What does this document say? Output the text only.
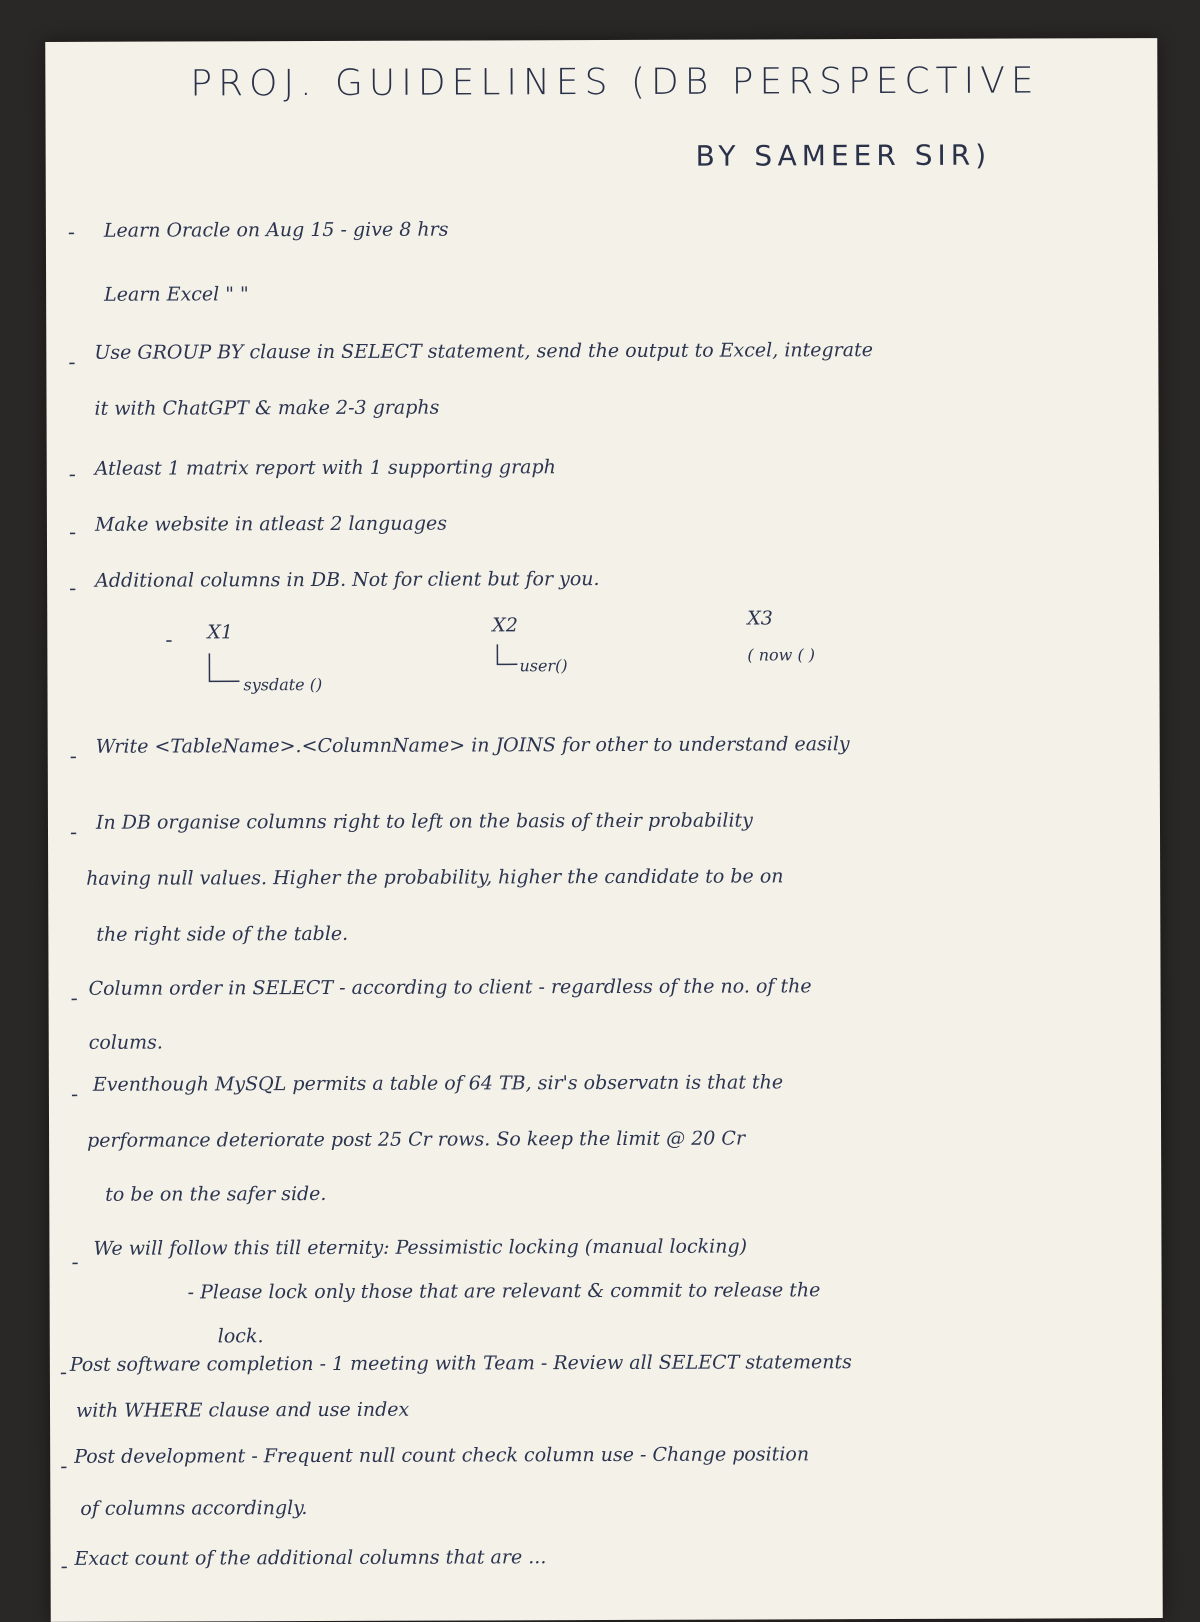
PROJ. GUIDELINES (DB PERSPECTIVE
BY SAMEER SIR)
- Learn Oracle on Aug 15 - give 8 hrs
Learn Excel " "
- Use GROUP BY clause in SELECT statement, send the output to Excel, integrate
it with ChatGPT & make 2-3 graphs
- Atleast 1 matrix report with 1 supporting graph
- Make website in atleast 2 languages
- Additional columns in DB. Not for client but for you.
- X1
sysdate ()
X2
user()
X3
( now ( )
- Write <TableName>.<ColumnName> in JOINS for other to understand easily
- In DB organise columns right to left on the basis of their probability
having null values. Higher the probability, higher the candidate to be on
the right side of the table.
- Column order in SELECT - according to client - regardless of the no. of the
colums.
- Eventhough MySQL permits a table of 64 TB, sir's observatn is that the
performance deteriorate post 25 Cr rows. So keep the limit @ 20 Cr
to be on the safer side.
-
We will follow this till eternity: Pessimistic locking (manual locking)
- Please lock only those that are relevant & commit to release the
lock.
- Post software completion - 1 meeting with Team - Review all SELECT statements
with WHERE clause and use index
- Post development - Frequent null count check column use - Change position
of columns accordingly.
- Exact count of the additional columns that are ...
